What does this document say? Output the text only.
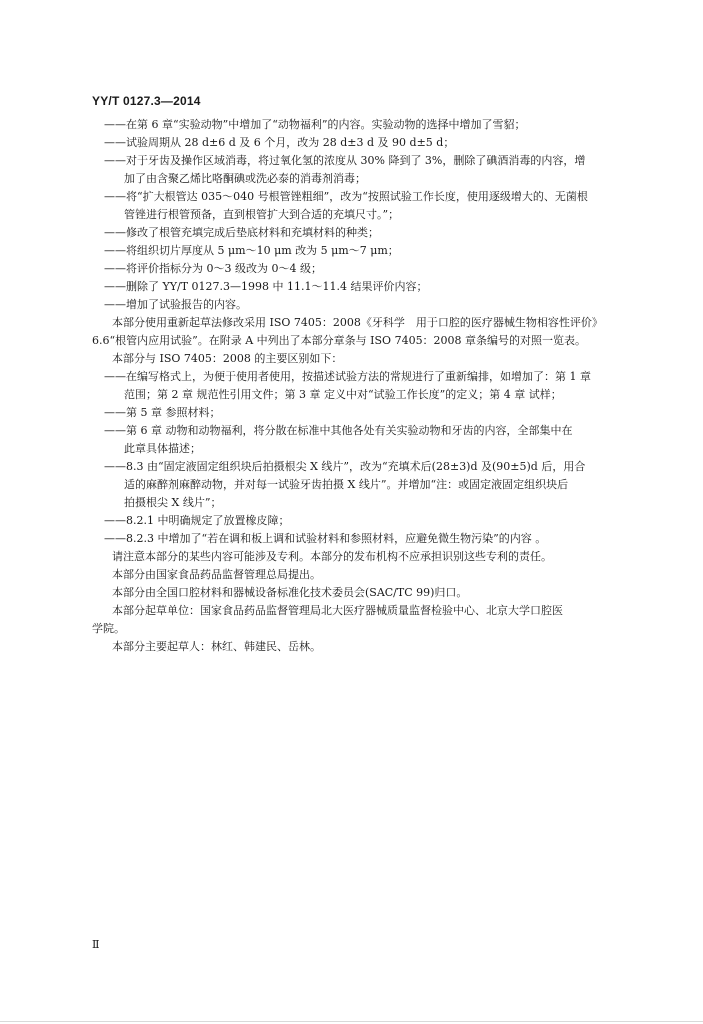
YY/T 0127.3—2014
——在第 6 章“实验动物”中增加了“动物福利”的内容。实验动物的选择中增加了雪貂；
——试验周期从 28 d±6 d 及 6 个月，改为 28 d±3 d 及 90 d±5 d；
——对于牙齿及操作区域消毒，将过氧化氢的浓度从 30% 降到了 3%，删除了碘酒消毒的内容，增
加了由含聚乙烯比咯酮碘或洗必泰的消毒剂消毒；
——将“扩大根管达 035～040 号根管锉粗细”，改为“按照试验工作长度，使用逐级增大的、无菌根
管锉进行根管预备，直到根管扩大到合适的充填尺寸。”；
——修改了根管充填完成后垫底材料和充填材料的种类；
——将组织切片厚度从 5 μm～10 μm 改为 5 μm～7 μm；
——将评价指标分为 0～3 级改为 0～4 级；
——删除了 YY/T 0127.3—1998 中 11.1～11.4 结果评价内容；
——增加了试验报告的内容。
本部分使用重新起草法修改采用 ISO 7405：2008《牙科学　用于口腔的医疗器械生物相容性评价》
6.6“根管内应用试验”。在附录 A 中列出了本部分章条与 ISO 7405：2008 章条编号的对照一览表。
本部分与 ISO 7405：2008 的主要区别如下：
——在编写格式上，为便于使用者使用，按描述试验方法的常规进行了重新编排，如增加了：第 1 章
范围；第 2 章 规范性引用文件；第 3 章 定义中对“试验工作长度”的定义；第 4 章 试样；
——第 5 章 参照材料；
——第 6 章 动物和动物福利，将分散在标准中其他各处有关实验动物和牙齿的内容，全部集中在
此章具体描述；
——8.3 由“固定液固定组织块后拍摄根尖 X 线片”，改为“充填术后(28±3)d 及(90±5)d 后，用合
适的麻醉剂麻醉动物，并对每一试验牙齿拍摄 X 线片”。并增加“注：或固定液固定组织块后
拍摄根尖 X 线片”；
——8.2.1 中明确规定了放置橡皮障；
——8.2.3 中增加了“若在调和板上调和试验材料和参照材料，应避免微生物污染”的内容 。
请注意本部分的某些内容可能涉及专利。本部分的发布机构不应承担识别这些专利的责任。
本部分由国家食品药品监督管理总局提出。
本部分由全国口腔材料和器械设备标准化技术委员会(SAC/TC 99)归口。
本部分起草单位：国家食品药品监督管理局北大医疗器械质量监督检验中心、北京大学口腔医
学院。
本部分主要起草人：林红、韩建民、岳林。
Ⅱ
